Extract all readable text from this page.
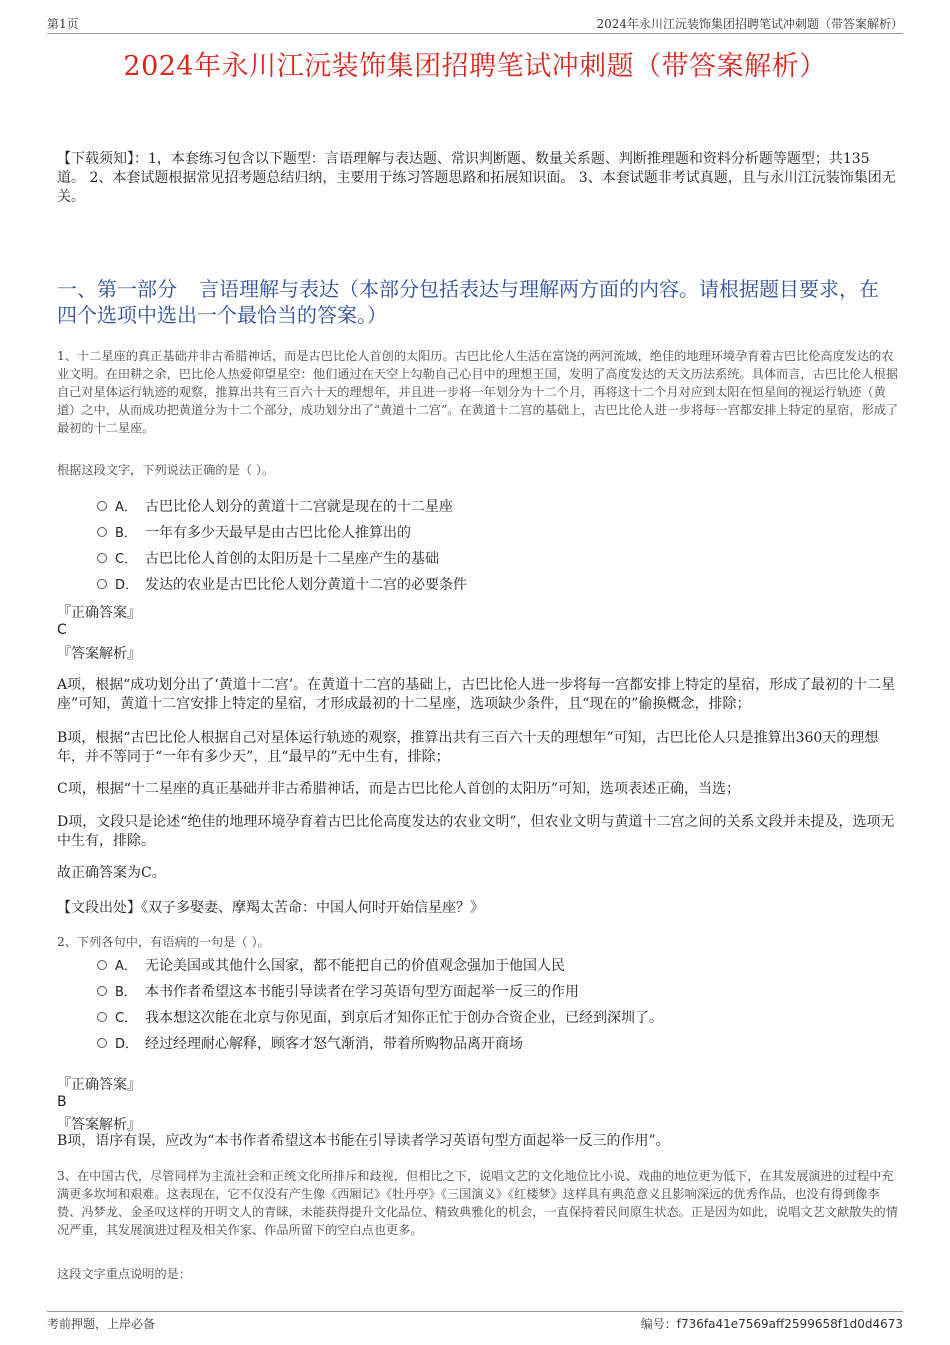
第1页	2024年永川江沅装饰集团招聘笔试冲刺题（带答案解析）
2024年永川江沅装饰集团招聘笔试冲刺题（带答案解析）
【下载须知】：1，本套练习包含以下题型：言语理解与表达题、常识判断题、数量关系题、判断推理题和资料分析题等题型；共135道。 2、本套试题根据常见招考题总结归纳，主要用于练习答题思路和拓展知识面。 3、本套试题非考试真题，且与永川江沅装饰集团无关。
一、第一部分 言语理解与表达（本部分包括表达与理解两方面的内容。请根据题目要求，在四个选项中选出一个最恰当的答案。）
1、十二星座的真正基础并非古希腊神话，而是古巴比伦人首创的太阳历。古巴比伦人生活在富饶的两河流域，绝佳的地理环境孕育着古巴比伦高度发达的农业文明。在田耕之余，巴比伦人热爱仰望星空：他们通过在天空上勾勒自己心目中的理想王国，发明了高度发达的天文历法系统。具体而言，古巴比伦人根据自己对星体运行轨迹的观察，推算出共有三百六十天的理想年，并且进一步将一年划分为十二个月，再将这十二个月对应到太阳在恒星间的视运行轨迹（黄道）之中，从而成功把黄道分为十二个部分，成功划分出了“黄道十二宫”。在黄道十二宫的基础上，古巴比伦人进一步将每一宫都安排上特定的星宿，形成了最初的十二星座。
根据这段文字，下列说法正确的是（ ）。
A． 古巴比伦人划分的黄道十二宫就是现在的十二星座
B． 一年有多少天最早是由古巴比伦人推算出的
C． 古巴比伦人首创的太阳历是十二星座产生的基础
D． 发达的农业是古巴比伦人划分黄道十二宫的必要条件
『正确答案』
C
『答案解析』
A项，根据“成功划分出了‘黄道十二宫’。在黄道十二宫的基础上，古巴比伦人进一步将每一宫都安排上特定的星宿，形成了最初的十二星座”可知，黄道十二宫安排上特定的星宿，才形成最初的十二星座，选项缺少条件，且“现在的”偷换概念，排除；
B项，根据“古巴比伦人根据自己对星体运行轨迹的观察，推算出共有三百六十天的理想年”可知，古巴比伦人只是推算出360天的理想年，并不等同于“一年有多少天”，且“最早的”无中生有，排除；
C项，根据“十二星座的真正基础并非古希腊神话，而是古巴比伦人首创的太阳历”可知，选项表述正确，当选；
D项，文段只是论述“绝佳的地理环境孕育着古巴比伦高度发达的农业文明”，但农业文明与黄道十二宫之间的关系文段并未提及，选项无中生有，排除。
故正确答案为C。
【文段出处】《双子多娶妻、摩羯太苦命：中国人何时开始信星座？》
2、下列各句中，有语病的一句是（ ）。
A． 无论美国或其他什么国家，都不能把自己的价值观念强加于他国人民
B． 本书作者希望这本书能引导读者在学习英语句型方面起举一反三的作用
C． 我本想这次能在北京与你见面，到京后才知你正忙于创办合资企业，已经到深圳了。
D． 经过经理耐心解释，顾客才怒气渐消，带着所购物品离开商场
『正确答案』
B
『答案解析』
B项，语序有误，应改为“本书作者希望这本书能在引导读者学习英语句型方面起举一反三的作用”。
3、在中国古代，尽管同样为主流社会和正统文化所排斥和歧视，但相比之下，说唱文艺的文化地位比小说、戏曲的地位更为低下，在其发展演进的过程中充满更多坎坷和艰难。这表现在，它不仅没有产生像《西厢记》《牡丹亭》《三国演义》《红楼梦》这样具有典范意义且影响深远的优秀作品，也没有得到像李贽、冯梦龙、金圣叹这样的开明文人的青睐，未能获得提升文化品位、精致典雅化的机会，一直保持着民间原生状态。正是因为如此，说唱文艺文献散失的情况严重，其发展演进过程及相关作家、作品所留下的空白点也更多。
这段文字重点说明的是：
考前押题，上岸必备	编号：f736fa41e7569aff2599658f1d0d4673
